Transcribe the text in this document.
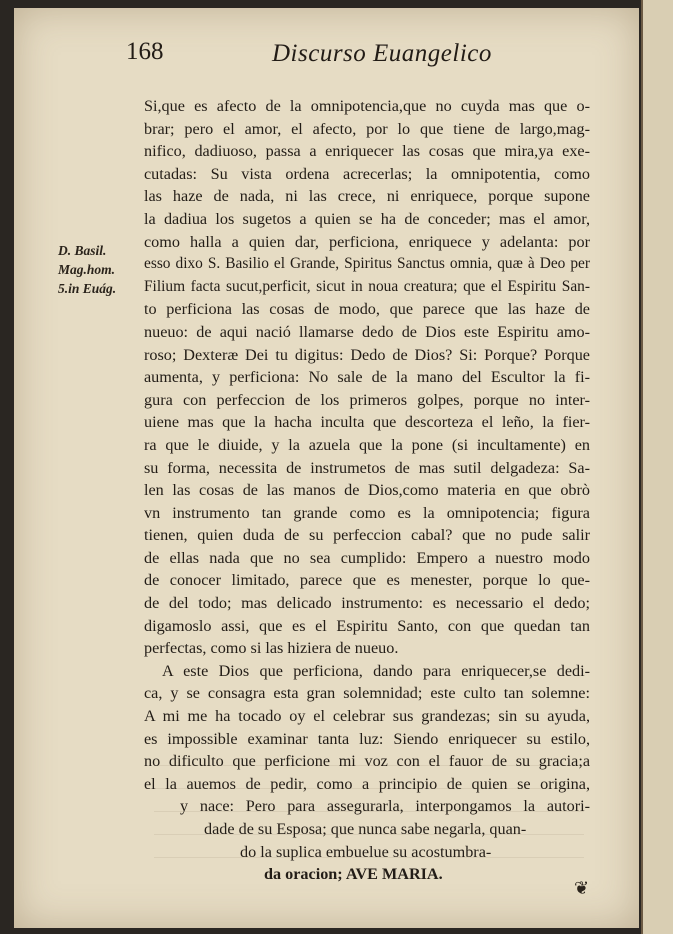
168	Discurso Euangelico
D. Basil.
Mag.hom.
5.in Euág.
Si,que es afecto de la omnipotencia,que no cuyda mas que o-
brar; pero el amor, el afecto, por lo que tiene de largo,mag-
nifico, dadiuoso, passa a enriquecer las cosas que mira,ya exe-
cutadas: Su vista ordena acrecerlas; la omnipotentia, como
las haze de nada, ni las crece, ni enriquece, porque supone
la dadiua los sugetos a quien se ha de conceder; mas el amor,
como halla a quien dar, perficiona, enriquece y adelanta: por
esso dixo S. Basilio el Grande, Spiritus Sanctus omnia, quæ à Deo per
Filium facta sucut,perficit, sicut in noua creatura; que el Espiritu San-
to perficiona las cosas de modo, que parece que las haze de
nueuo: de aqui nació llamarse dedo de Dios este Espiritu amo-
roso; Dexteræ Dei tu digitus: Dedo de Dios? Si: Porque? Porque
aumenta, y perficiona: No sale de la mano del Escultor la fi-
gura con perfeccion de los primeros golpes, porque no inter-
uiene mas que la hacha inculta que descorteza el leño, la fier-
ra que le diuide, y la azuela que la pone (si incultamente) en
su forma, necessita de instrumetos de mas sutil delgadeza: Sa-
len las cosas de las manos de Dios,como materia en que obrò
vn instrumento tan grande como es la omnipotencia; figura
tienen, quien duda de su perfeccion cabal? que no pude salir
de ellas nada que no sea cumplido: Empero a nuestro modo
de conocer limitado, parece que es menester, porque lo que-
de del todo; mas delicado instrumento: es necessario el dedo;
digamoslo assi, que es el Espiritu Santo, con que quedan tan
perfectas, como si las hiziera de nueuo.
A este Dios que perficiona, dando para enriquecer,se dedi-
ca, y se consagra esta gran solemnidad; este culto tan solemne:
A mi me ha tocado oy el celebrar sus grandezas; sin su ayuda,
es impossible examinar tanta luz: Siendo enriquecer su estilo,
no dificulto que perficione mi voz con el fauor de su gracia;a
el la auemos de pedir, como a principio de quien se origina,
y nace: Pero para assegurarla, interpongamos la autori-
dade de su Esposa; que nunca sabe negarla, quan-
do la suplica embuelue su acostumbra-
da oracion; AVE MARIA.
❦
